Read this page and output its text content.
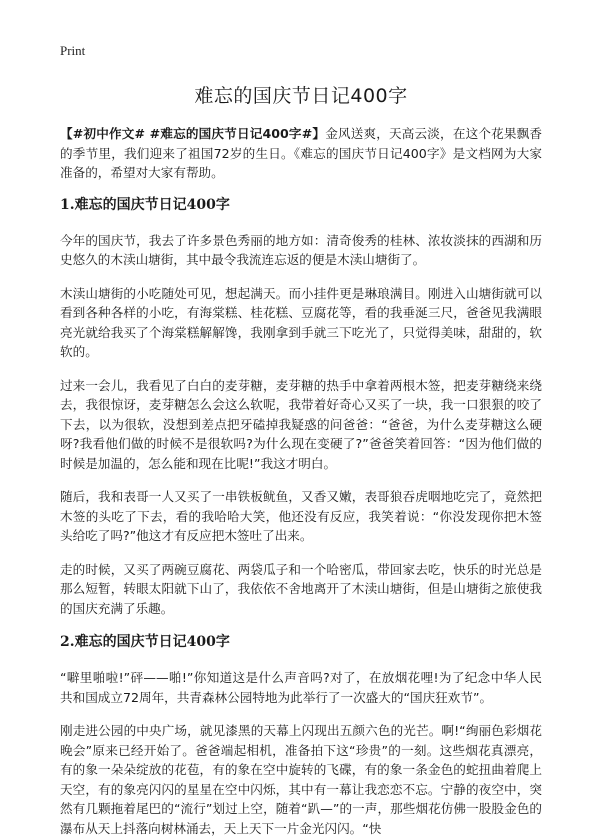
Print
难忘的国庆节日记400字

【#初中作文# #难忘的国庆节日记400字#】金风送爽，天高云淡，在这个花果飘香的季节里，我们迎来了祖国72岁的生日。《难忘的国庆节日记400字》是文档网为大家准备的，希望对大家有帮助。

1.难忘的国庆节日记400字

今年的国庆节，我去了许多景色秀丽的地方如：清奇俊秀的桂林、浓妆淡抹的西湖和历史悠久的木渎山塘街，其中最令我流连忘返的便是木渎山塘街了。

木渎山塘街的小吃随处可见，想起满天。而小挂件更是琳琅满目。刚进入山塘街就可以看到各种各样的小吃，有海棠糕、桂花糕、豆腐花等，看的我垂涎三尺，爸爸见我满眼亮光就给我买了个海棠糕解解馋，我刚拿到手就三下吃光了，只觉得美味，甜甜的，软软的。

过来一会儿，我看见了白白的麦芽糖，麦芽糖的热手中拿着两根木签，把麦芽糖绕来绕去，我很惊讶，麦芽糖怎么会这么软呢，我带着好奇心又买了一块，我一口狠狠的咬了下去，以为很软，没想到差点把牙磕掉我疑惑的问爸爸：“爸爸，为什么麦芽糖这么硬呀?我看他们做的时候不是很软吗?为什么现在变硬了?”爸爸笑着回答：“因为他们做的时候是加温的，怎么能和现在比呢!”我这才明白。

随后，我和表哥一人又买了一串铁板鱿鱼，又香又嫩，表哥狼吞虎咽地吃完了，竟然把木签的头吃了下去，看的我哈哈大笑，他还没有反应，我笑着说：“你没发现你把木签头给吃了吗?”他这才有反应把木签吐了出来。

走的时候，又买了两碗豆腐花、两袋瓜子和一个哈密瓜，带回家去吃，快乐的时光总是那么短暂，转眼太阳就下山了，我依依不舍地离开了木渎山塘街，但是山塘街之旅使我的国庆充满了乐趣。

2.难忘的国庆节日记400字

“噼里啪啦!”砰——啪!”你知道这是什么声音吗?对了，在放烟花哩!为了纪念中华人民共和国成立72周年，共青森林公园特地为此举行了一次盛大的“国庆狂欢节”。

刚走进公园的中央广场，就见漆黑的天幕上闪现出五颜六色的光芒。啊!“绚丽色彩烟花晚会”原来已经开始了。爸爸端起相机，准备拍下这“珍贵”的一刻。这些烟花真漂亮，有的象一朵朵绽放的花苞，有的象在空中旋转的飞碟，有的象一条金色的蛇扭曲着爬上天空，有的象亮闪闪的星星在空中闪烁，其中有一幕让我恋恋不忘。宁静的夜空中，突然有几颗拖着尾巴的“流行”划过上空，随着“趴—”的一声，那些烟花仿佛一股股金色的瀑布从天上抖落向树林涌去，天上天下一片金光闪闪。“快
